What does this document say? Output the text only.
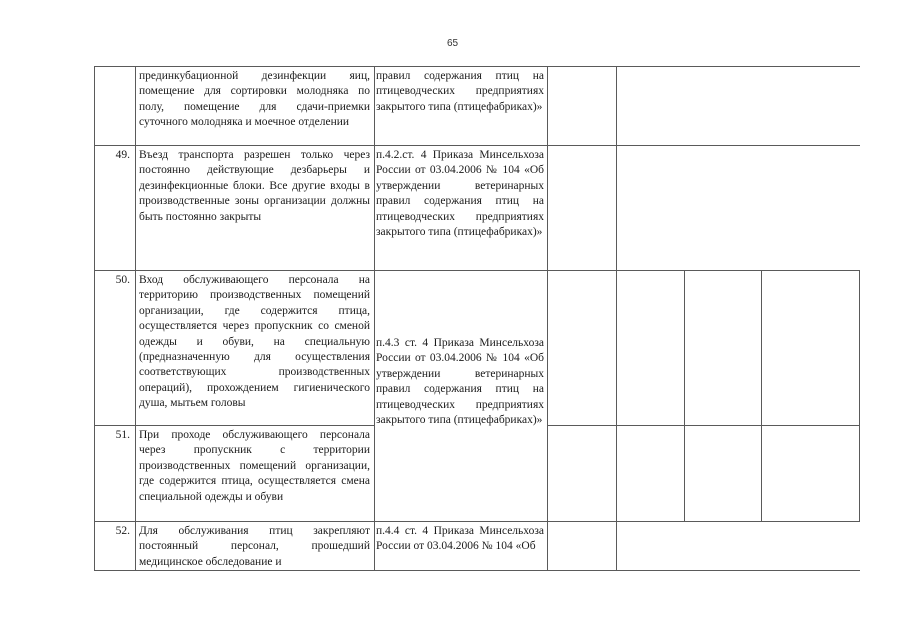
65
прединкубационной дезинфекции яиц, помещение для сортировки молодняка по полу, помещение для сдачи-приемки суточного молодняка и моечное отделении
правил содержания птиц на птицеводческих предприятиях закрытого типа (птицефабриках)»
49. Въезд транспорта разрешен только через постоянно действующие дезбарьеры и дезинфекционные блоки. Все другие входы в производственные зоны организации должны быть постоянно закрыты
п.4.2.ст. 4 Приказа Минсельхоза России от 03.04.2006 № 104 «Об утверждении ветеринарных правил содержания птиц на птицеводческих предприятиях закрытого типа (птицефабриках)»
50. Вход обслуживающего персонала на территорию производственных помещений организации, где содержится птица, осуществляется через пропускник со сменой одежды и обуви, на специальную (предназначенную для осуществления соответствующих производственных операций), прохождением гигиенического душа, мытьем головы
п.4.3 ст. 4 Приказа Минсельхоза России от 03.04.2006 № 104 «Об утверждении ветеринарных правил содержания птиц на птицеводческих предприятиях закрытого типа (птицефабриках)»
51. При проходе обслуживающего персонала через пропускник с территории производственных помещений организации, где содержится птица, осуществляется смена специальной одежды и обуви
52. Для обслуживания птиц закрепляют постоянный персонал, прошедший медицинское обследование и
п.4.4 ст. 4 Приказа Минсельхоза России от 03.04.2006 № 104 «Об
